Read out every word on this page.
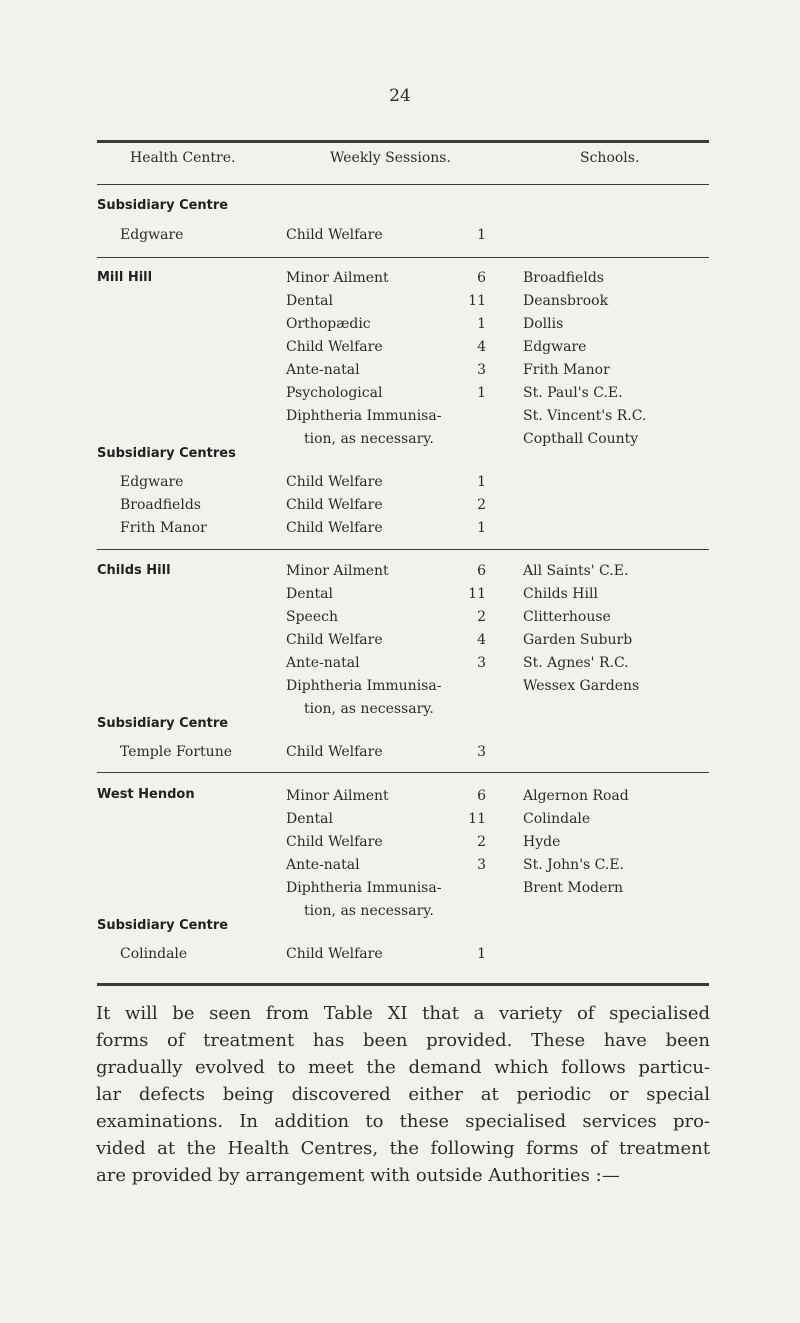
24
Health Centre.	Weekly Sessions.	Schools.
Subsidiary Centre
Edgware	Child Welfare	1
Mill Hill	Minor Ailment	6	Broadfields
Dental	11	Deansbrook
Orthopædic	1	Dollis
Child Welfare	4	Edgware
Ante-natal	3	Frith Manor
Psychological	1	St. Paul's C.E.
Diphtheria Immunisa-	St. Vincent's R.C.
tion, as necessary.	Copthall County
Subsidiary Centres
Edgware	Child Welfare	1
Broadfields	Child Welfare	2
Frith Manor	Child Welfare	1
Childs Hill	Minor Ailment	6	All Saints' C.E.
Dental	11	Childs Hill
Speech	2	Clitterhouse
Child Welfare	4	Garden Suburb
Ante-natal	3	St. Agnes' R.C.
Diphtheria Immunisa-	Wessex Gardens
tion, as necessary.
Subsidiary Centre
Temple Fortune	Child Welfare	3
West Hendon	Minor Ailment	6	Algernon Road
Dental	11	Colindale
Child Welfare	2	Hyde
Ante-natal	3	St. John's C.E.
Diphtheria Immunisa-	Brent Modern
tion, as necessary.
Subsidiary Centre
Colindale	Child Welfare	1
It will be seen from Table XI that a variety of specialised
forms of treatment has been provided. These have been
gradually evolved to meet the demand which follows particu-
lar defects being discovered either at periodic or special
examinations. In addition to these specialised services pro-
vided at the Health Centres, the following forms of treatment
are provided by arrangement with outside Authorities :—
